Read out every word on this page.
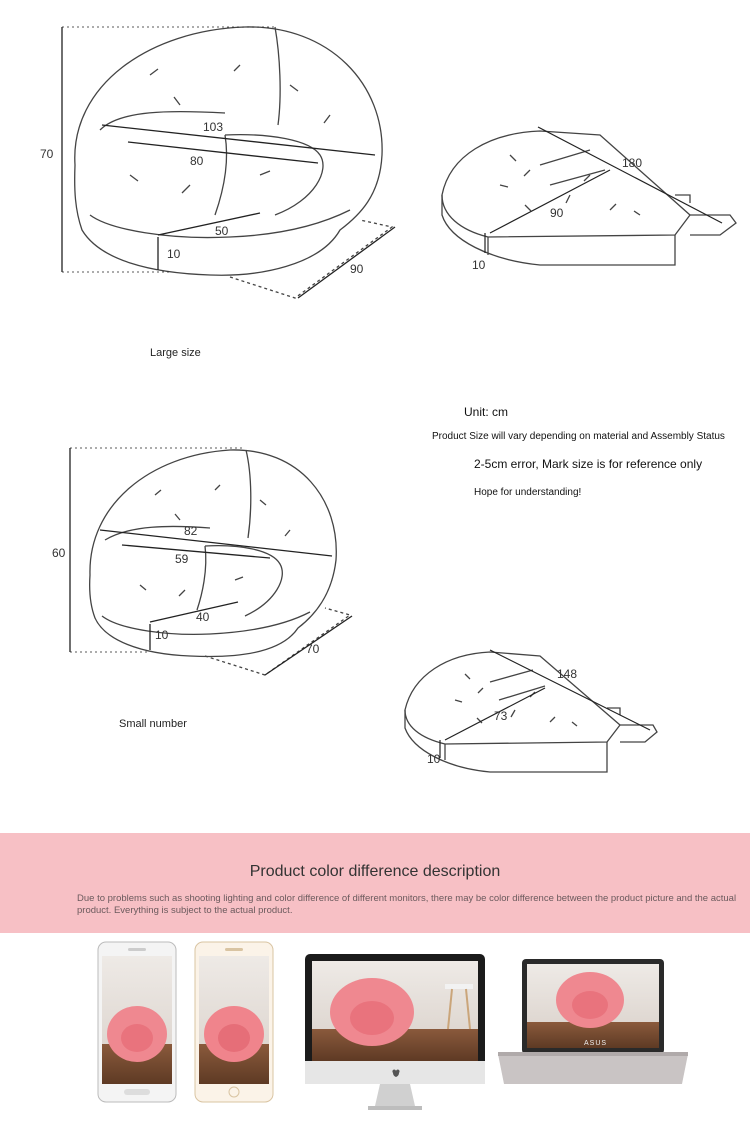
70
103
80
50
10
90
180
90
10
Large size
Unit: cm
Product Size will vary depending on material and Assembly Status
2-5cm error, Mark size is for reference only
Hope for understanding!
60
82
59
40
10
70
148
73
10
Small number
Product color difference description
Due to problems such as shooting lighting and color difference of different monitors, there may be color difference between the product picture and the actual product. Everything is subject to the actual product.
ASUS
